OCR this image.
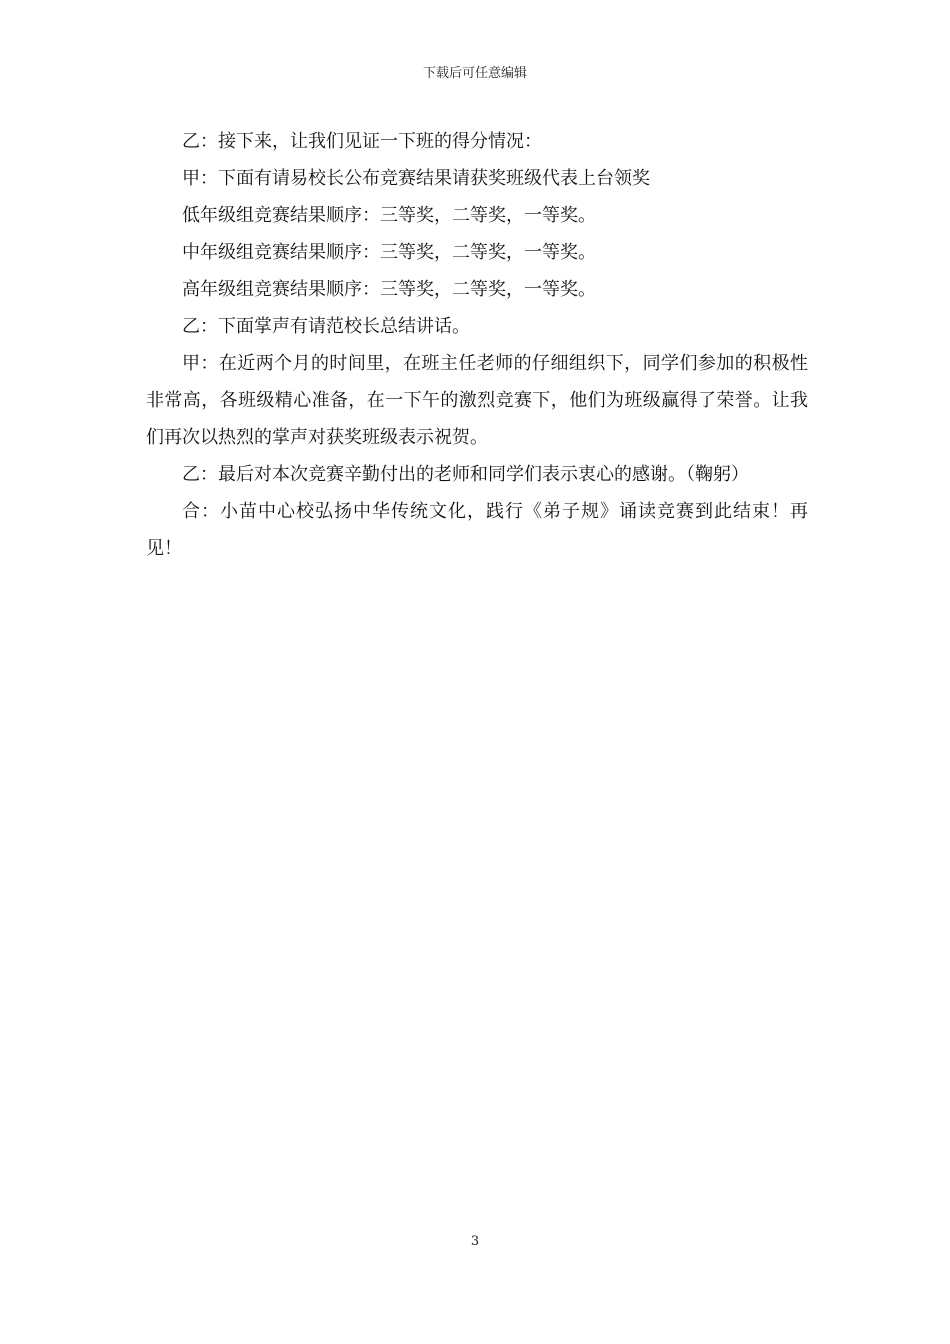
下载后可任意编辑

乙：接下来，让我们见证一下班的得分情况：

甲：下面有请易校长公布竞赛结果请获奖班级代表上台领奖

低年级组竞赛结果顺序：三等奖，二等奖，一等奖。

中年级组竞赛结果顺序：三等奖，二等奖，一等奖。

高年级组竞赛结果顺序：三等奖，二等奖，一等奖。

乙：下面掌声有请范校长总结讲话。

甲：在近两个月的时间里，在班主任老师的仔细组织下，同学们参加的积极性非常高，各班级精心准备，在一下午的激烈竞赛下，他们为班级赢得了荣誉。让我们再次以热烈的掌声对获奖班级表示祝贺。

乙：最后对本次竞赛辛勤付出的老师和同学们表示衷心的感谢。（鞠躬）

合：小苗中心校弘扬中华传统文化，践行《弟子规》诵读竞赛到此结束！再见！

3
